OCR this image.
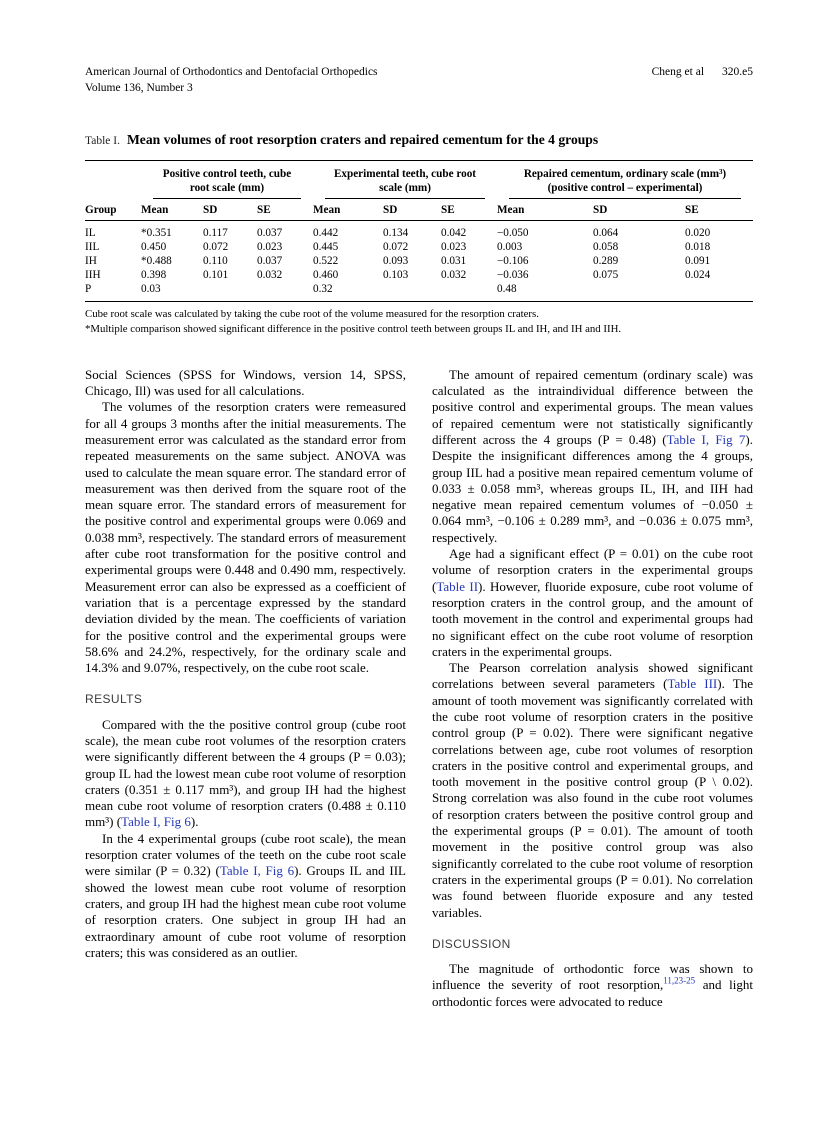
American Journal of Orthodontics and Dentofacial Orthopedics
Volume 136, Number 3
Cheng et al 320.e5
Table I. Mean volumes of root resorption craters and repaired cementum for the 4 groups

	Positive control teeth, cube root scale (mm)			Experimental teeth, cube root scale (mm)			Repaired cementum, ordinary scale (mm³) (positive control – experimental)		

Group	Mean	SD	SE	Mean	SD	SE	Mean	SD	SE
IL	*0.351	0.117	0.037	0.442	0.134	0.042	−0.050	0.064	0.020
IIL	0.450	0.072	0.023	0.445	0.072	0.023	0.003	0.058	0.018
IH	*0.488	0.110	0.037	0.522	0.093	0.031	−0.106	0.289	0.091
IIH	0.398	0.101	0.032	0.460	0.103	0.032	−0.036	0.075	0.024
P	0.03			0.32			0.48		
Cube root scale was calculated by taking the cube root of the volume measured for the resorption craters.
*Multiple comparison showed significant difference in the positive control teeth between groups IL and IH, and IH and IIH.

Social Sciences (SPSS for Windows, version 14, SPSS, Chicago, Ill) was used for all calculations.

The volumes of the resorption craters were remeasured for all 4 groups 3 months after the initial measurements. The measurement error was calculated as the standard error from repeated measurements on the same subject. ANOVA was used to calculate the mean square error. The standard error of measurement was then derived from the square root of the mean square error. The standard errors of measurement for the positive control and experimental groups were 0.069 and 0.038 mm³, respectively. The standard errors of measurement after cube root transformation for the positive control and experimental groups were 0.448 and 0.490 mm, respectively. Measurement error can also be expressed as a coefficient of variation that is a percentage expressed by the standard deviation divided by the mean. The coefficients of variation for the positive control and the experimental groups were 58.6% and 24.2%, respectively, for the ordinary scale and 14.3% and 9.07%, respectively, on the cube root scale.

RESULTS

Compared with the the positive control group (cube root scale), the mean cube root volumes of the resorption craters were significantly different between the 4 groups (P = 0.03); group IL had the lowest mean cube root volume of resorption craters (0.351 ± 0.117 mm³), and group IH had the highest mean cube root volume of resorption craters (0.488 ± 0.110 mm³) (Table I, Fig 6).

In the 4 experimental groups (cube root scale), the mean resorption crater volumes of the teeth on the cube root scale were similar (P = 0.32) (Table I, Fig 6). Groups IL and IIL showed the lowest mean cube root volume of resorption craters, and group IH had the highest mean cube root volume of resorption craters. One subject in group IH had an extraordinary amount of cube root volume of resorption craters; this was considered as an outlier.

The amount of repaired cementum (ordinary scale) was calculated as the intraindividual difference between the positive control and experimental groups. The mean values of repaired cementum were not statistically significantly different across the 4 groups (P = 0.48) (Table I, Fig 7). Despite the insignificant differences among the 4 groups, group IIL had a positive mean repaired cementum volume of 0.033 ± 0.058 mm³, whereas groups IL, IH, and IIH had negative mean repaired cementum volumes of −0.050 ± 0.064 mm³, −0.106 ± 0.289 mm³, and −0.036 ± 0.075 mm³, respectively.

Age had a significant effect (P = 0.01) on the cube root volume of resorption craters in the experimental groups (Table II). However, fluoride exposure, cube root volume of resorption craters in the control group, and the amount of tooth movement in the control and experimental groups had no significant effect on the cube root volume of resorption craters in the experimental groups.

The Pearson correlation analysis showed significant correlations between several parameters (Table III). The amount of tooth movement was significantly correlated with the cube root volume of resorption craters in the positive control group (P = 0.02). There were significant negative correlations between age, cube root volumes of resorption craters in the positive control and experimental groups, and tooth movement in the positive control group (P \ 0.02). Strong correlation was also found in the cube root volumes of resorption craters between the positive control group and the experimental groups (P = 0.01). The amount of tooth movement in the positive control group was also significantly correlated to the cube root volume of resorption craters in the experimental groups (P = 0.01). No correlation was found between fluoride exposure and any tested variables.

DISCUSSION

The magnitude of orthodontic force was shown to influence the severity of root resorption,$^{11,23-25}$ and light orthodontic forces were advocated to reduce
